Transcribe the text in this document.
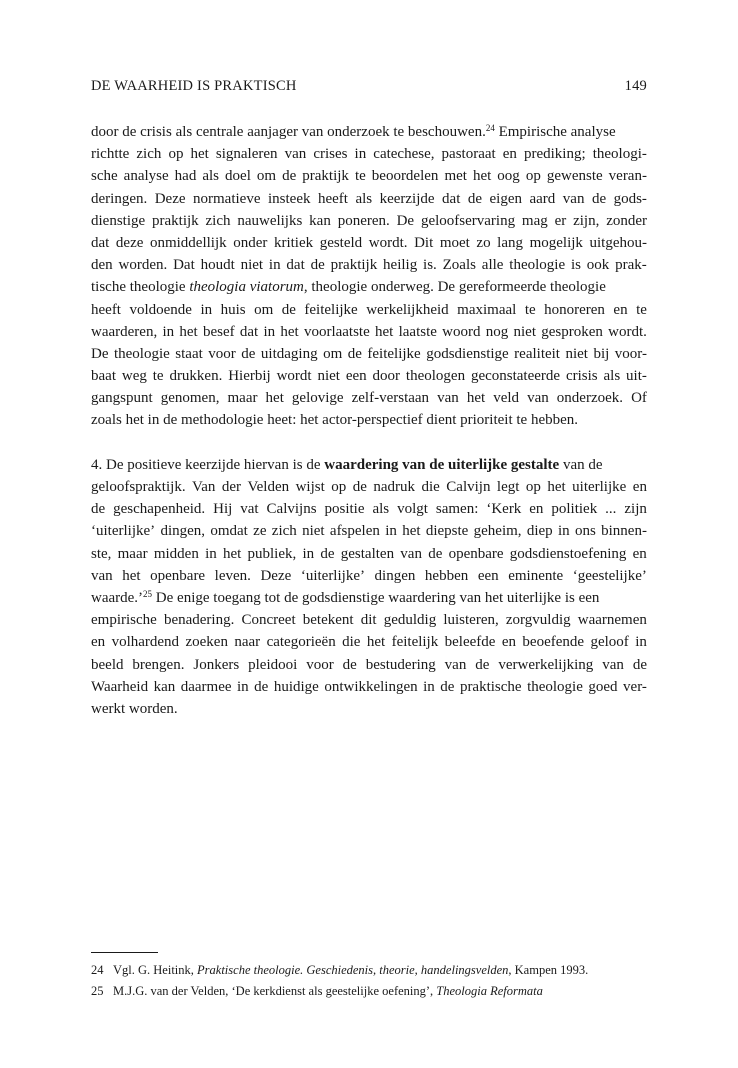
DE WAARHEID IS PRAKTISCH	149
door de crisis als centrale aanjager van onderzoek te beschouwen.$^{24}$ Empirische analyse
richtte zich op het signaleren van crises in catechese, pastoraat en prediking; theologi-
sche analyse had als doel om de praktijk te beoordelen met het oog op gewenste veran-
deringen. Deze normatieve insteek heeft als keerzijde dat de eigen aard van de gods-
dienstige praktijk zich nauwelijks kan poneren. De geloofservaring mag er zijn, zonder
dat deze onmiddellijk onder kritiek gesteld wordt. Dit moet zo lang mogelijk uitgehou-
den worden. Dat houdt niet in dat de praktijk heilig is. Zoals alle theologie is ook prak-
tische theologie theologia viatorum, theologie onderweg. De gereformeerde theologie
heeft voldoende in huis om de feitelijke werkelijkheid maximaal te honoreren en te
waarderen, in het besef dat in het voorlaatste het laatste woord nog niet gesproken wordt.
De theologie staat voor de uitdaging om de feitelijke godsdienstige realiteit niet bij voor-
baat weg te drukken. Hierbij wordt niet een door theologen geconstateerde crisis als uit-
gangspunt genomen, maar het gelovige zelf-verstaan van het veld van onderzoek. Of
zoals het in de methodologie heet: het actor-perspectief dient prioriteit te hebben.
4. De positieve keerzijde hiervan is de waardering van de uiterlijke gestalte van de
geloofspraktijk. Van der Velden wijst op de nadruk die Calvijn legt op het uiterlijke en
de geschapenheid. Hij vat Calvijns positie als volgt samen: ‘Kerk en politiek ... zijn
‘uiterlijke’ dingen, omdat ze zich niet afspelen in het diepste geheim, diep in ons binnen-
ste, maar midden in het publiek, in de gestalten van de openbare godsdienstoefening en
van het openbare leven. Deze ‘uiterlijke’ dingen hebben een eminente ‘geestelijke’
waarde.’$^{25}$ De enige toegang tot de godsdienstige waardering van het uiterlijke is een
empirische benadering. Concreet betekent dit geduldig luisteren, zorgvuldig waarnemen
en volhardend zoeken naar categorieën die het feitelijk beleefde en beoefende geloof in
beeld brengen. Jonkers pleidooi voor de bestudering van de verwerkelijking van de
Waarheid kan daarmee in de huidige ontwikkelingen in de praktische theologie goed ver-
werkt worden.
24 Vgl. G. Heitink, Praktische theologie. Geschiedenis, theorie, handelingsvelden, Kampen 1993.
25 M.J.G. van der Velden, ‘De kerkdienst als geestelijke oefening’, Theologia Reformata
